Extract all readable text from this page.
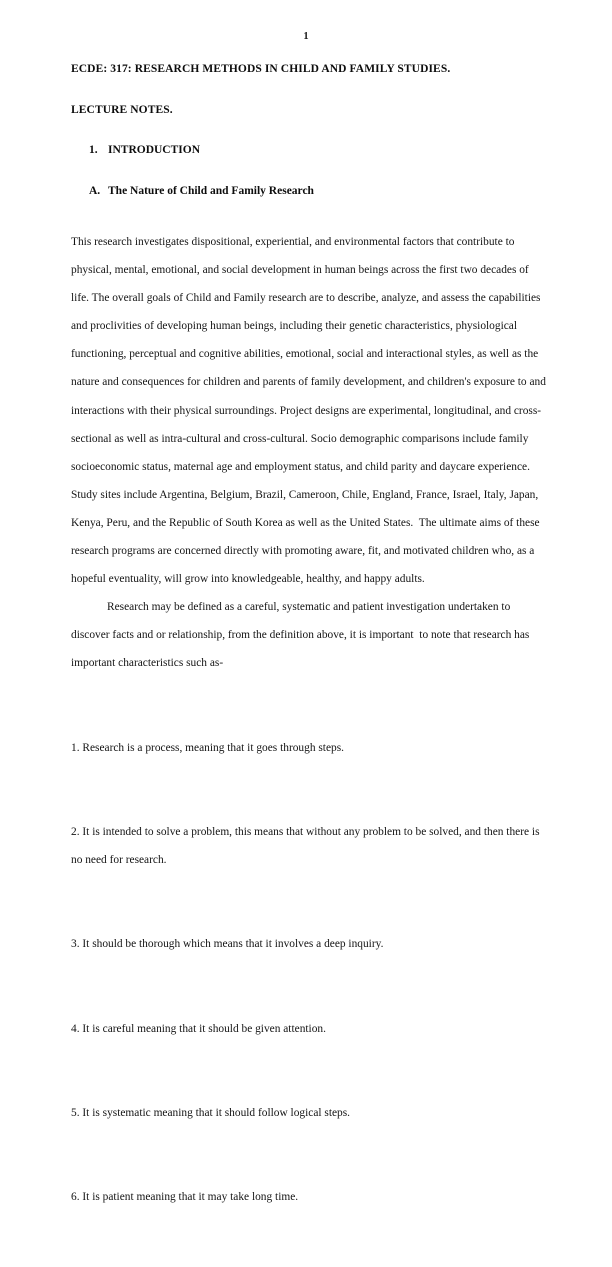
1
ECDE: 317: RESEARCH METHODS IN CHILD AND FAMILY STUDIES.
LECTURE NOTES.
1. INTRODUCTION
A. The Nature of Child and Family Research

This research investigates dispositional, experiential, and environmental factors that contribute to physical, mental, emotional, and social development in human beings across the first two decades of life. The overall goals of Child and Family research are to describe, analyze, and assess the capabilities and proclivities of developing human beings, including their genetic characteristics, physiological functioning, perceptual and cognitive abilities, emotional, social and interactional styles, as well as the nature and consequences for children and parents of family development, and children's exposure to and interactions with their physical surroundings. Project designs are experimental, longitudinal, and cross-sectional as well as intra-cultural and cross-cultural. Socio demographic comparisons include family socioeconomic status, maternal age and employment status, and child parity and daycare experience. Study sites include Argentina, Belgium, Brazil, Cameroon, Chile, England, France, Israel, Italy, Japan, Kenya, Peru, and the Republic of South Korea as well as the United States.  The ultimate aims of these research programs are concerned directly with promoting aware, fit, and motivated children who, as a hopeful eventuality, will grow into knowledgeable, healthy, and happy adults.

Research may be defined as a careful, systematic and patient investigation undertaken to discover facts and or relationship, from the definition above, it is important  to note that research has important characteristics such as-

1. Research is a process, meaning that it goes through steps.

2. It is intended to solve a problem, this means that without any problem to be solved, and then there is no need for research.

3. It should be thorough which means that it involves a deep inquiry.

4. It is careful meaning that it should be given attention.

5. It is systematic meaning that it should follow logical steps.

6. It is patient meaning that it may take long time.
